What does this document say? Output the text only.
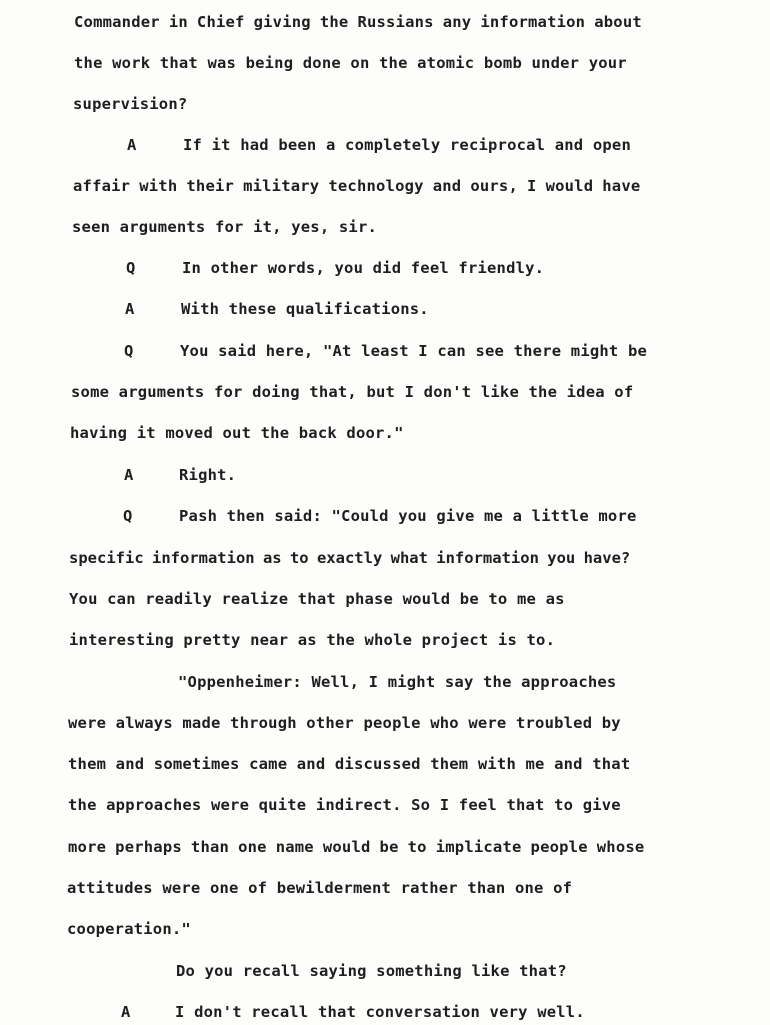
Commander in Chief giving the Russians any information about
the work that was being done on the atomic bomb under your
supervision?
A	If it had been a completely reciprocal and open
affair with their military technology and ours, I would have
seen arguments for it, yes, sir.
Q	In other words, you did feel friendly.
A	With these qualifications.
Q	You said here, "At least I can see there might be
some arguments for doing that, but I don't like the idea of
having it moved out the back door."
A	Right.
Q	Pash then said: "Could you give me a little more
specific information as to exactly what information you have?
You can readily realize that phase would be to me as
interesting pretty near as the whole project is to.
"Oppenheimer: Well, I might say the approaches
were always made through other people who were troubled by
them and sometimes came and discussed them with me and that
the approaches were quite indirect. So I feel that to give
more perhaps than one name would be to implicate people whose
attitudes were one of bewilderment rather than one of
cooperation."
Do you recall saying something like that?
A	I don't recall that conversation very well.
